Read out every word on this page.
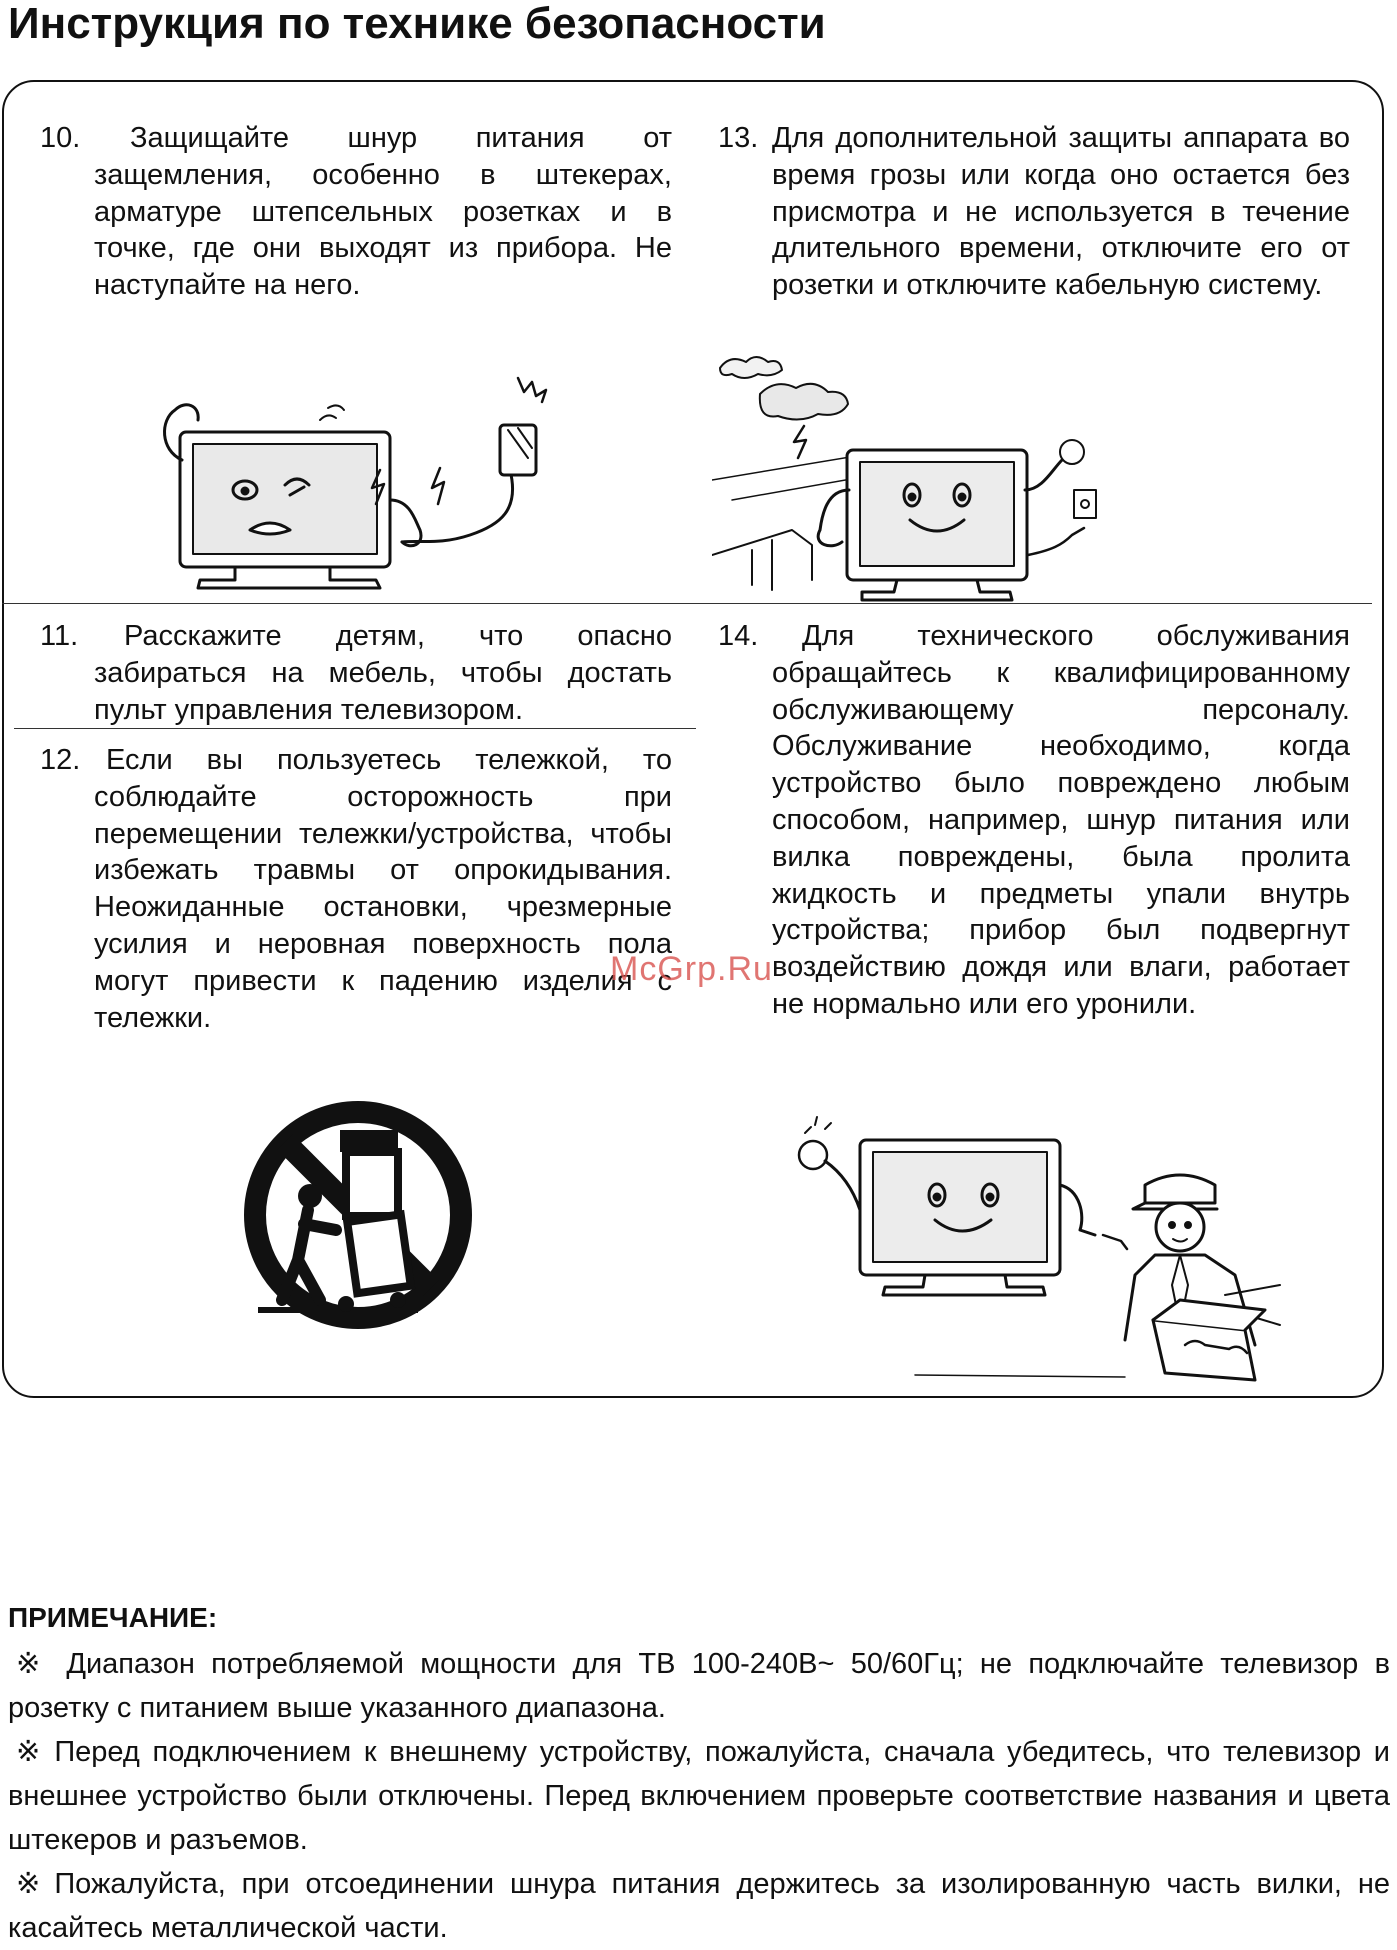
Инструкция по технике безопасности
10.	Защищайте шнур питания от защемления, особенно в штекерах, арматуре штепсельных розетках и в точке, где они выходят из прибора. Не наступайте на него.
13. Для дополнительной защиты аппарата во время грозы или когда оно остается без присмотра и не используется в течение длительного времени, отключите его от розетки и отключите кабельную систему.
11.	Расскажите детям, что опасно забираться на мебель, чтобы достать пульт управления телевизором.
12. Если вы пользуетесь тележкой, то соблюдайте осторожность при перемещении тележки/устройства, чтобы избежать травмы от опрокидывания. Неожиданные остановки, чрезмерные усилия и неровная поверхность пола могут привести к падению изделия с тележки.
14.	Для технического обслуживания обращайтесь к квалифицированному обслуживающему персоналу. Обслуживание необходимо, когда устройство было повреждено любым способом, например, шнур питания или вилка повреждены, была пролита жидкость и предметы упали внутрь устройства; прибор был подвергнут воздействию дождя или влаги, работает не нормально или его уронили.
McGrp.Ru
ПРИМЕЧАНИЕ:
※ Диапазон потребляемой мощности для ТВ 100-240В~ 50/60Гц; не подключайте телевизор в розетку с питанием выше указанного диапазона.
※ Перед подключением к внешнему устройству, пожалуйста, сначала убедитесь, что телевизор и внешнее устройство были отключены. Перед включением проверьте соответствие названия и цвета штекеров и разъемов.
※ Пожалуйста, при отсоединении шнура питания держитесь за изолированную часть вилки, не касайтесь металлической части.
